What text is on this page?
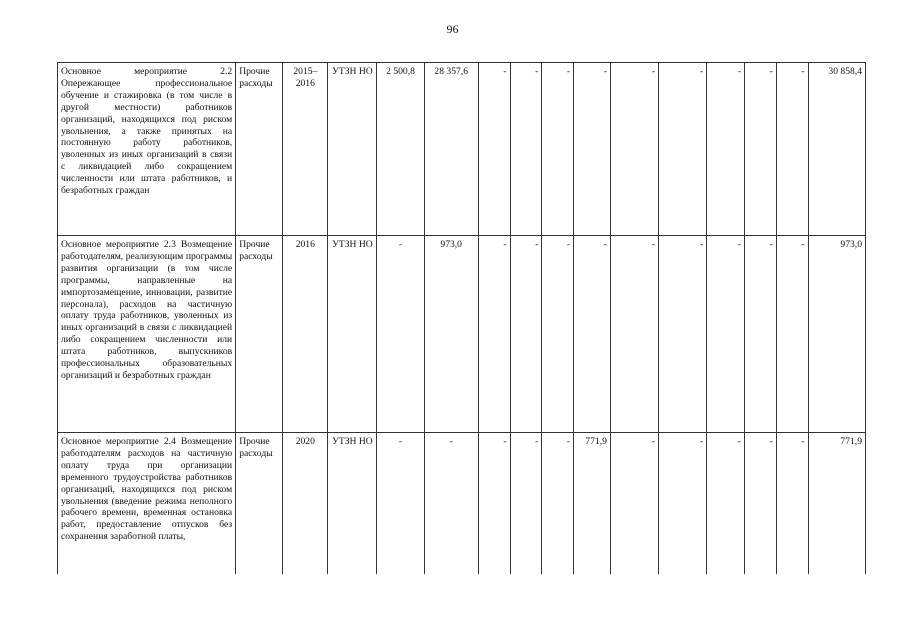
96
Основное мероприятие 2.2 Опережающее профессиональное обучение и стажировка (в том числе в другой местности) работников организаций, находящихся под риском увольнения, а также принятых на постоянную работу работников, уволенных из иных организаций в связи с ликвидацией либо сокращением численности или штата работников, и безработных граждан	Прочие расходы	2015–2016	УТЗН НО	2 500,8	28 357,6	-	-	-	-	-	-	-	-	-	30 858,4
Основное мероприятие 2.3 Возмещение работодателям, реализующим программы развития организации (в том числе программы, направленные на импортозамещение, инновации, развитие персонала), расходов на частичную оплату труда работников, уволенных из иных организаций в связи с ликвидацией либо сокращением численности или штата работников, выпускников профессиональных образовательных организаций и безработных граждан	Прочие расходы	2016	УТЗН НО	-	973,0	-	-	-	-	-	-	-	-	-	973,0
Основное мероприятие 2.4 Возмещение работодателям расходов на частичную оплату труда при организации временного трудоустройства работников организаций, находящихся под риском увольнения (введение режима неполного рабочего времени, временная остановка работ, предоставление отпусков без сохранения заработной платы,	Прочие расходы	2020	УТЗН НО	-	-	-	-	-	771,9	-	-	-	-	-	771,9
